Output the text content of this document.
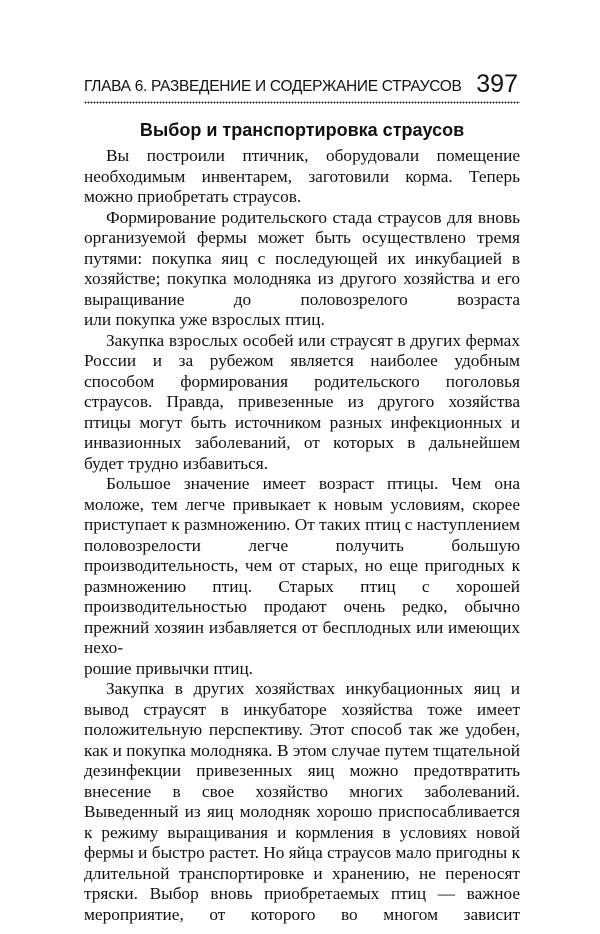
ГЛАВА 6. РАЗВЕДЕНИЕ И СОДЕРЖАНИЕ СТРАУСОВ 397
Выбор и транспортировка страусов

Вы построили птичник, оборудовали помещение необходимым инвентарем, заготовили корма. Теперь
можно приобретать страусов.

Формирование родительского стада страусов для вновь организуемой фермы может быть осуществлено тремя путями: покупка яиц с последующей их инкубацией в хозяйстве; покупка молодняка из другого хозяйства и его выращивание до половозрелого возраста
или покупка уже взрослых птиц.

Закупка взрослых особей или страусят в других фермах России и за рубежом является наиболее удобным способом формирования родительского поголовья страусов. Правда, привезенные из другого хозяйства птицы могут быть источником разных инфекционных и инвазионных заболеваний, от которых в дальнейшем
будет трудно избавиться.

Большое значение имеет возраст птицы. Чем она моложе, тем легче привыкает к новым условиям, скорее приступает к размножению. От таких птиц с наступлением половозрелости легче получить большую производительность, чем от старых, но еще пригодных к размножению птиц. Старых птиц с хорошей производительностью продают очень редко, обычно прежний хозяин избавляется от бесплодных или имеющих нехо-
рошие привычки птиц.

Закупка в других хозяйствах инкубационных яиц и вывод страусят в инкубаторе хозяйства тоже имеет положительную перспективу. Этот способ так же удобен, как и покупка молодняка. В этом случае путем тщательной дезинфекции привезенных яиц можно предотвратить внесение в свое хозяйство многих заболеваний. Выведенный из яиц молодняк хорошо приспосабливается к режиму выращивания и кормления в условиях новой фермы и быстро растет. Но яйца страусов мало пригодны к длительной транспортировке и хранению, не переносят тряски. Выбор вновь приобретаемых птиц — важное мероприятие, от которого во многом зависит
